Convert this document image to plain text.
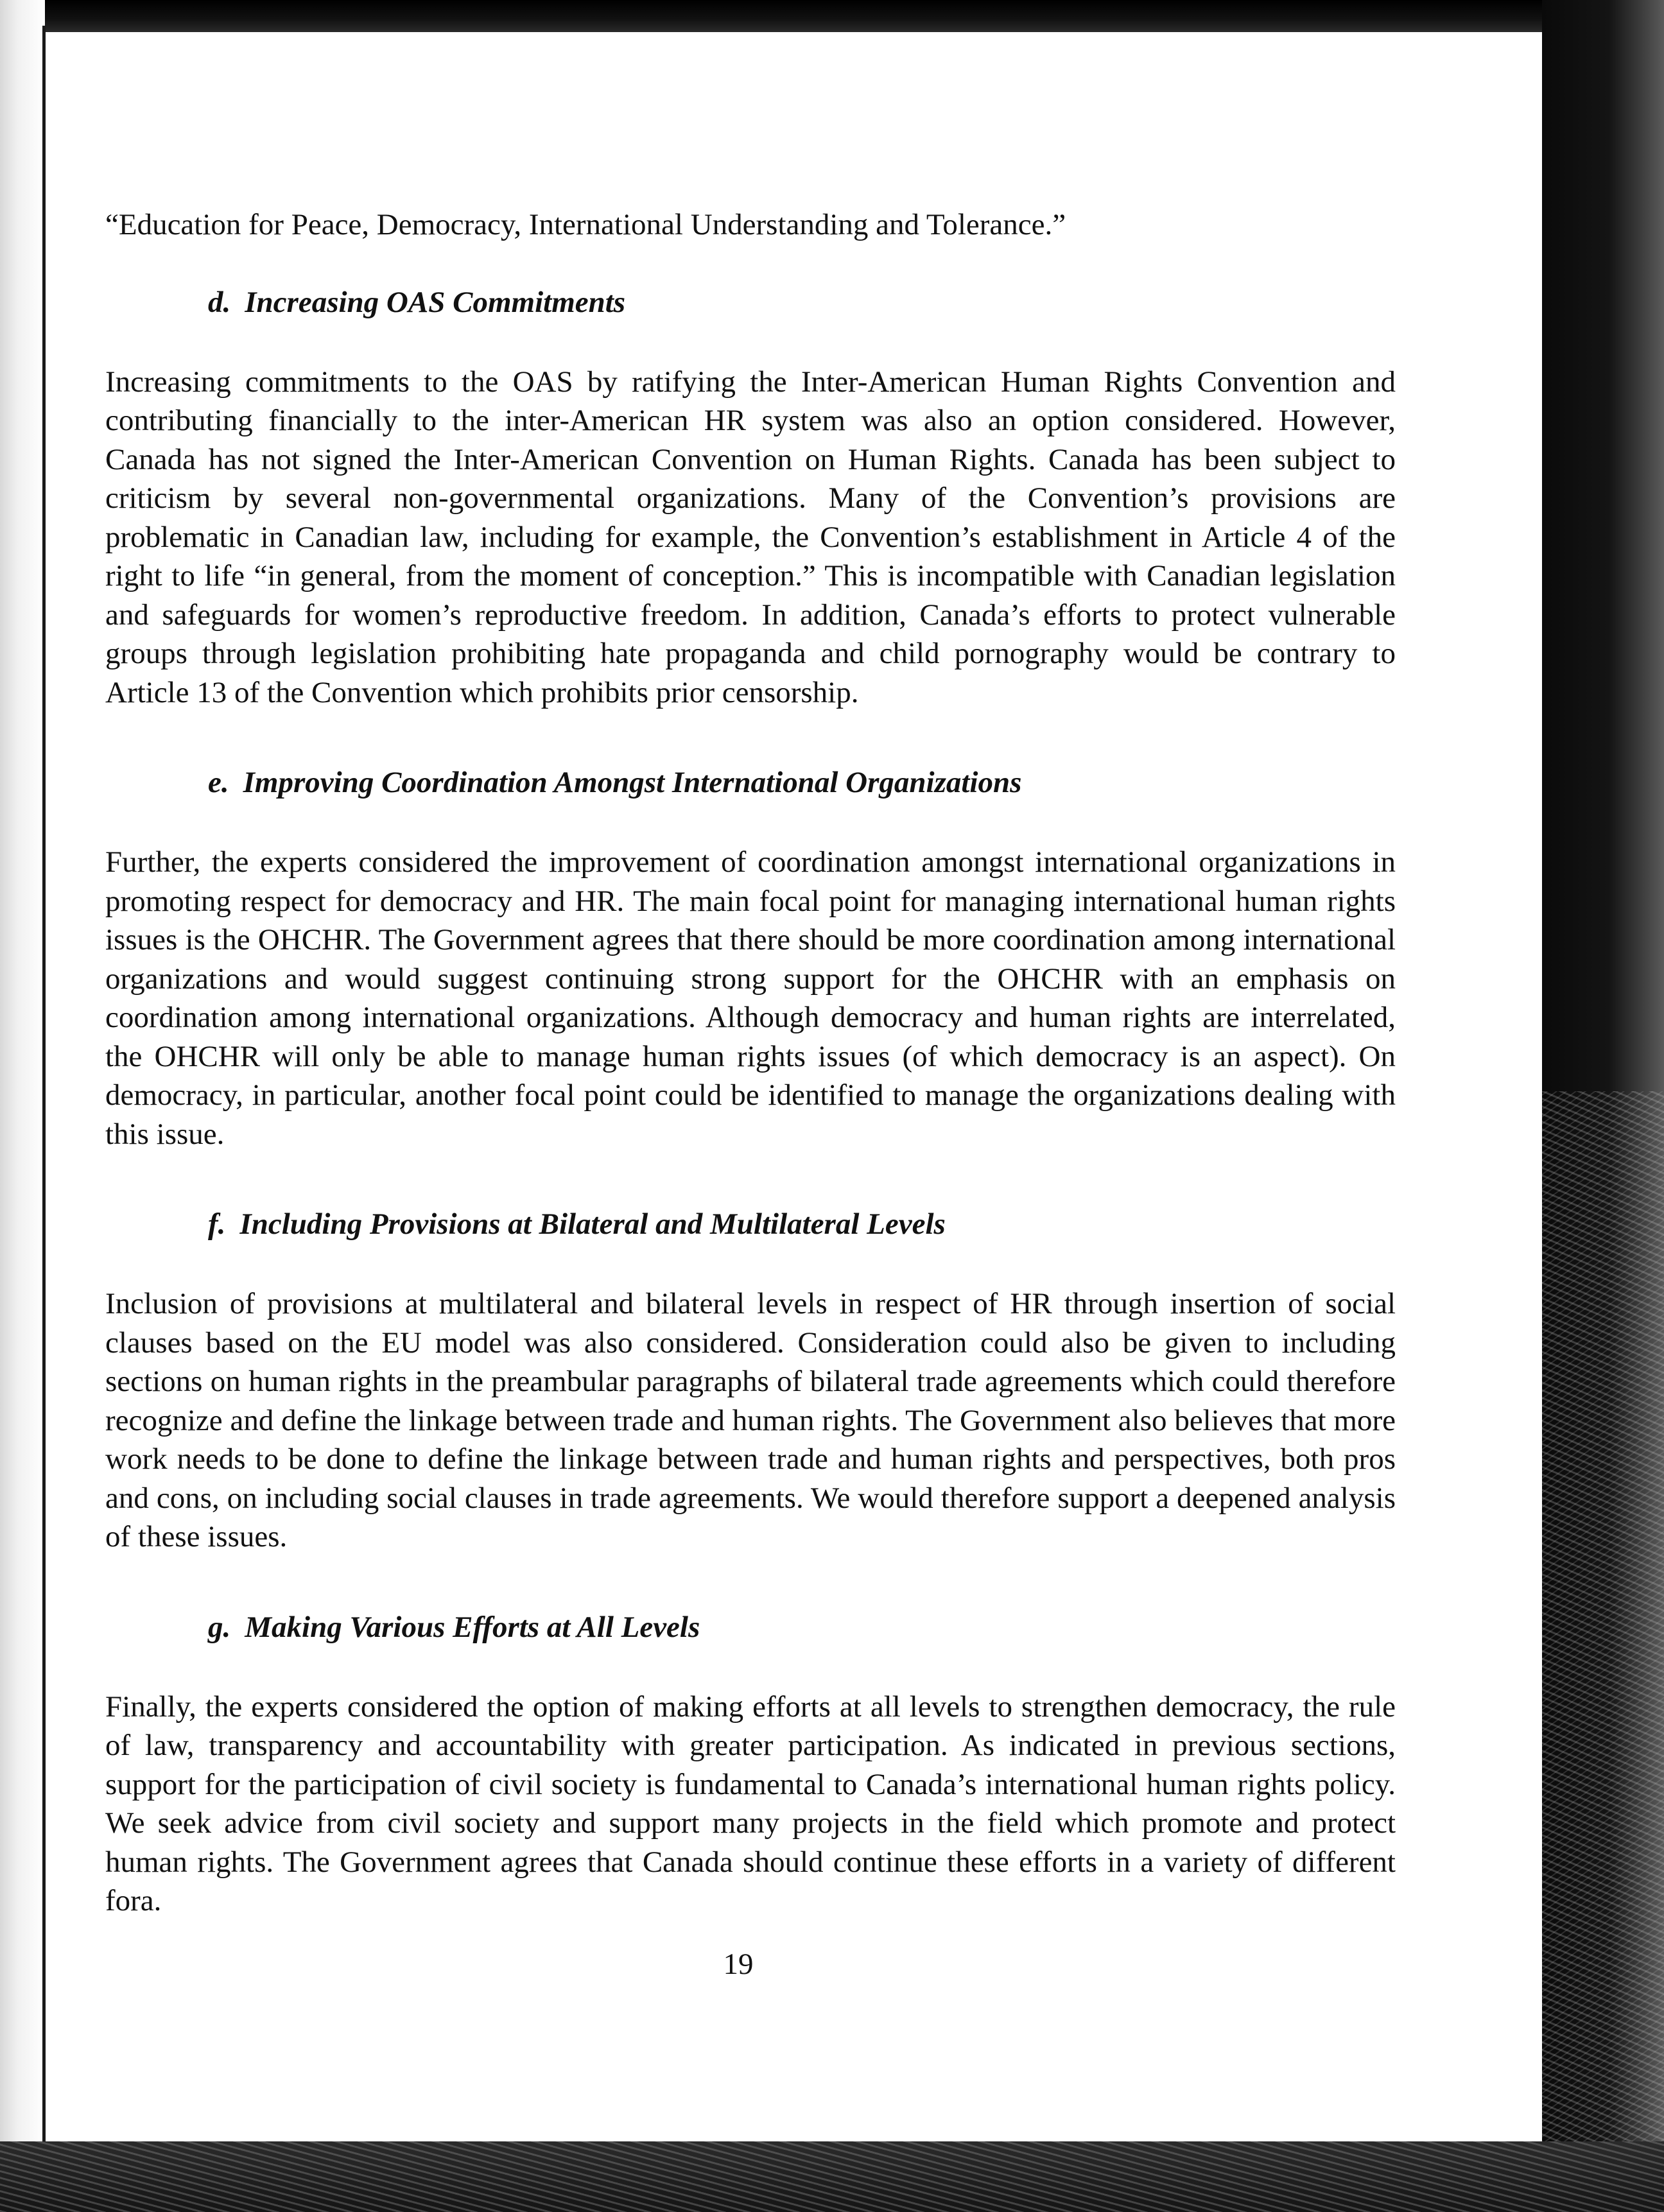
“Education for Peace, Democracy, International Understanding and Tolerance.”

d. Increasing OAS Commitments

Increasing commitments to the OAS by ratifying the Inter-American Human Rights Convention and contributing financially to the inter-American HR system was also an option considered. However, Canada has not signed the Inter-American Convention on Human Rights. Canada has been subject to criticism by several non-governmental organizations. Many of the Convention’s provisions are problematic in Canadian law, including for example, the Convention’s establishment in Article 4 of the right to life “in general, from the moment of conception.” This is incompatible with Canadian legislation and safeguards for women’s reproductive freedom. In addition, Canada’s efforts to protect vulnerable groups through legislation prohibiting hate propaganda and child pornography would be contrary to Article 13 of the Convention which prohibits prior censorship.

e. Improving Coordination Amongst International Organizations

Further, the experts considered the improvement of coordination amongst international organizations in promoting respect for democracy and HR. The main focal point for managing international human rights issues is the OHCHR. The Government agrees that there should be more coordination among international organizations and would suggest continuing strong support for the OHCHR with an emphasis on coordination among international organizations. Although democracy and human rights are interrelated, the OHCHR will only be able to manage human rights issues (of which democracy is an aspect). On democracy, in particular, another focal point could be identified to manage the organizations dealing with this issue.

f. Including Provisions at Bilateral and Multilateral Levels

Inclusion of provisions at multilateral and bilateral levels in respect of HR through insertion of social clauses based on the EU model was also considered. Consideration could also be given to including sections on human rights in the preambular paragraphs of bilateral trade agreements which could therefore recognize and define the linkage between trade and human rights. The Government also believes that more work needs to be done to define the linkage between trade and human rights and perspectives, both pros and cons, on including social clauses in trade agreements. We would therefore support a deepened analysis of these issues.

g. Making Various Efforts at All Levels

Finally, the experts considered the option of making efforts at all levels to strengthen democracy, the rule of law, transparency and accountability with greater participation. As indicated in previous sections, support for the participation of civil society is fundamental to Canada’s international human rights policy. We seek advice from civil society and support many projects in the field which promote and protect human rights. The Government agrees that Canada should continue these efforts in a variety of different fora.

19
